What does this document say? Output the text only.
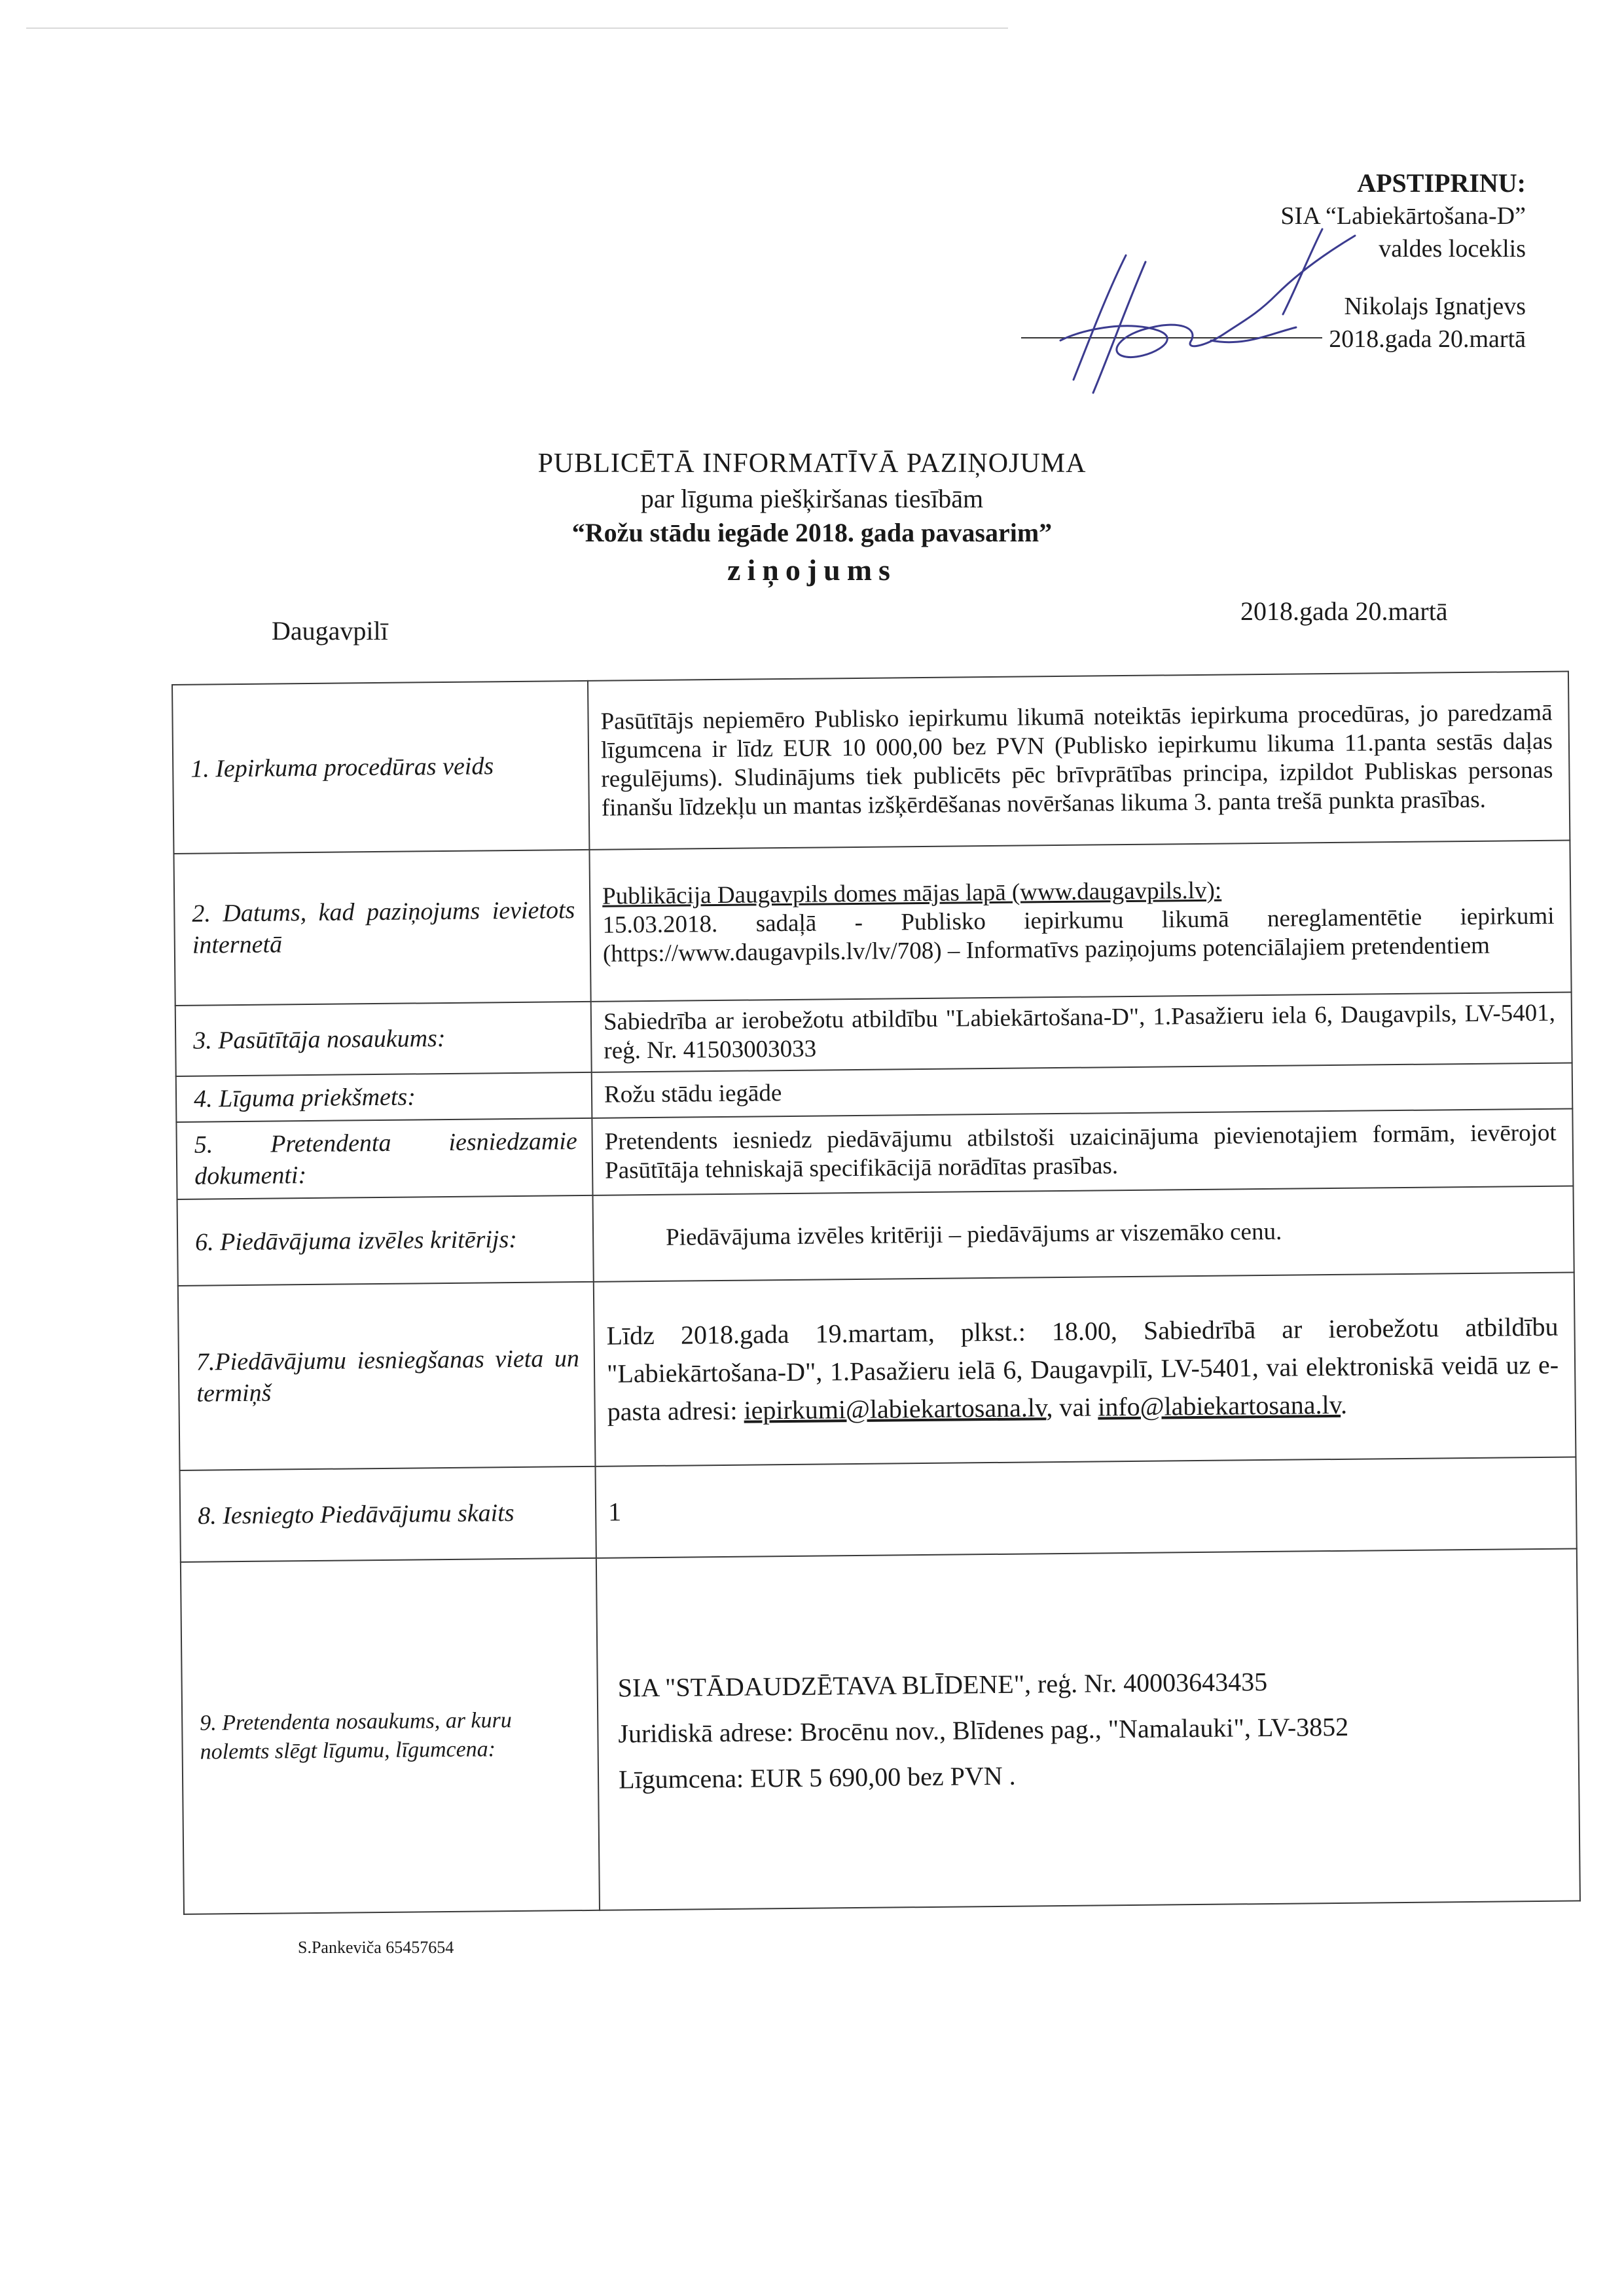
APSTIPRINU:
SIA “Labiekārtošana-D”
valdes loceklis
Nikolajs Ignatjevs
2018.gada 20.martā
PUBLICĒTĀ INFORMATĪVĀ PAZIŅOJUMA
par līguma piešķiršanas tiesībām
“Rožu stādu iegāde 2018. gada pavasarim”
ziņojums
Daugavpilī
2018.gada 20.martā
1. Iepirkuma procedūras veids	Pasūtītājs nepiemēro Publisko iepirkumu likumā noteiktās iepirkuma procedūras, jo paredzamā līgumcena ir līdz EUR 10 000,00 bez PVN (Publisko iepirkumu likuma 11.panta sestās daļas regulējums). Sludinājums tiek publicēts pēc brīvprātības principa, izpildot Publiskas personas finanšu līdzekļu un mantas izšķērdēšanas novēršanas likuma 3. panta trešā punkta prasības.
2. Datums, kad paziņojums ievietots internetā	Publikācija Daugavpils domes mājas lapā (www.daugavpils.lv):
15.03.2018. sadaļā - Publisko iepirkumu likumā nereglamentētie iepirkumi (https://www.daugavpils.lv/lv/708) – Informatīvs paziņojums potenciālajiem pretendentiem

3. Pasūtītāja nosaukums:	Sabiedrība ar ierobežotu atbildību "Labiekārtošana-D", 1.Pasažieru iela 6, Daugavpils, LV-5401, reģ. Nr. 41503003033
4. Līguma priekšmets:	Rožu stādu iegāde
5. Pretendenta iesniedzamie dokumenti:	Pretendents iesniedz piedāvājumu atbilstoši uzaicinājuma pievienotajiem formām, ievērojot Pasūtītāja tehniskajā specifikācijā norādītas prasības.
6. Piedāvājuma izvēles kritērijs:	Piedāvājuma izvēles kritēriji – piedāvājums ar viszemāko cenu.
7.Piedāvājumu iesniegšanas vieta un termiņš	Līdz 2018.gada 19.martam, plkst.: 18.00, Sabiedrībā ar ierobežotu atbildību "Labiekārtošana-D", 1.Pasažieru ielā 6, Daugavpilī, LV-5401, vai elektroniskā veidā uz e-pasta adresi: iepirkumi@labiekartosana.lv, vai info@labiekartosana.lv.
8. Iesniegto Piedāvājumu skaits	1
9. Pretendenta nosaukums, ar kuru nolemts slēgt līgumu, līgumcena:	SIA "STĀDAUDZĒTAVA BLĪDENE", reģ. Nr. 40003643435
Juridiskā adrese: Brocēnu nov., Blīdenes pag., "Namalauki", LV-3852
Līgumcena: EUR 5 690,00 bez PVN .
S.Pankeviča 65457654
